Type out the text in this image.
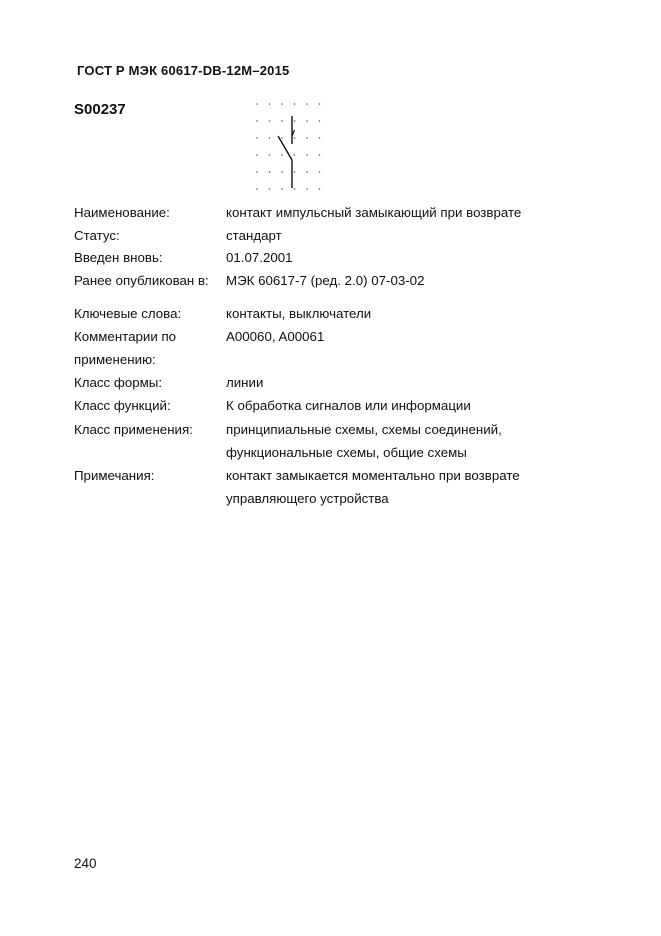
ГОСТ Р МЭК 60617-DB-12M–2015
S00237
Наименование:	контакт импульсный замыкающий при возврате
Статус:	стандарт
Введен вновь:	01.07.2001
Ранее опубликован в:	МЭК 60617-7 (ред. 2.0) 07-03-02
Ключевые слова:	контакты, выключатели
Комментарии по	A00060, A00061
применению:
Класс формы:	линии
Класс функций:	К обработка сигналов или информации
Класс применения:	принципиальные схемы, схемы соединений,
функциональные схемы, общие схемы
Примечания:	контакт замыкается моментально при возврате
управляющего устройства
240
